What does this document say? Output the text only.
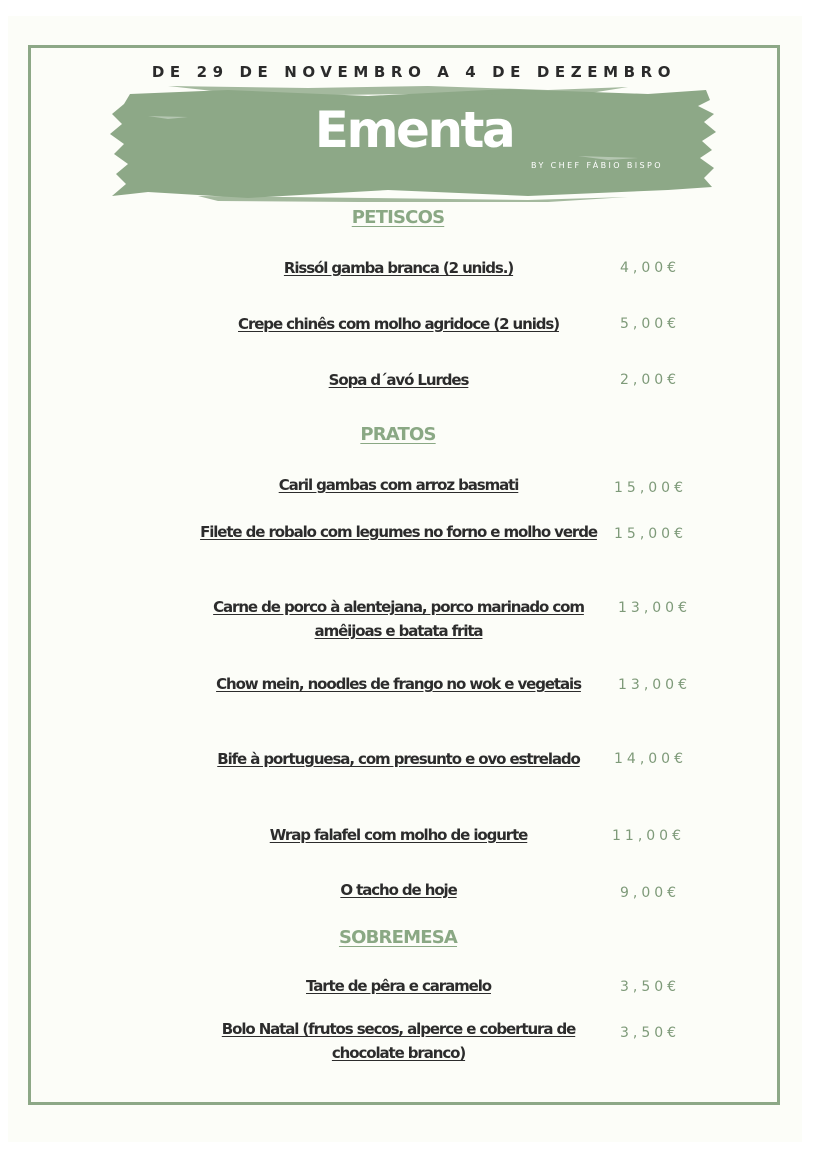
DE 29 DE NOVEMBRO A 4 DE DEZEMBRO
Ementa
BY CHEF FÁBIO BISPO
PETISCOS
Rissól gamba branca (2 unids.)	4,00€
Crepe chinês com molho agridoce (2 unids)	5,00€
Sopa d´avó Lurdes	2,00€
PRATOS
Caril gambas com arroz basmati	15,00€
Filete de robalo com legumes no forno e molho verde	15,00€
Carne de porco à alentejana, porco marinado com amêijoas e batata frita
13,00€
Chow mein, noodles de frango no wok e vegetais	13,00€
Bife à portuguesa, com presunto e ovo estrelado	14,00€
Wrap falafel com molho de iogurte	11,00€
O tacho de hoje	9,00€
SOBREMESA
Tarte de pêra e caramelo	3,50€
Bolo Natal (frutos secos, alperce e cobertura de chocolate branco)
3,50€
